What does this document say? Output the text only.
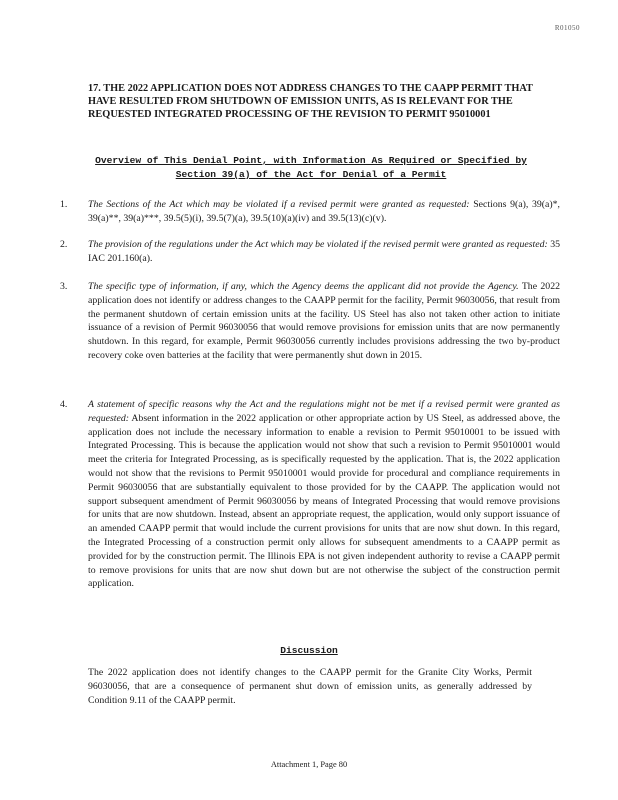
R01050
17. THE 2022 APPLICATION DOES NOT ADDRESS CHANGES TO THE CAAPP PERMIT THAT HAVE RESULTED FROM SHUTDOWN OF EMISSION UNITS, AS IS RELEVANT FOR THE REQUESTED INTEGRATED PROCESSING OF THE REVISION TO PERMIT 95010001
Overview of This Denial Point, with Information As Required or Specified by Section 39(a) of the Act for Denial of a Permit
1.	The Sections of the Act which may be violated if a revised permit were granted as requested: Sections 9(a), 39(a)*, 39(a)**, 39(a)***, 39.5(5)(i), 39.5(7)(a), 39.5(10)(a)(iv) and 39.5(13)(c)(v).
2.	The provision of the regulations under the Act which may be violated if the revised permit were granted as requested: 35 IAC 201.160(a).
3.	The specific type of information, if any, which the Agency deems the applicant did not provide the Agency. The 2022 application does not identify or address changes to the CAAPP permit for the facility, Permit 96030056, that result from the permanent shutdown of certain emission units at the facility. US Steel has also not taken other action to initiate issuance of a revision of Permit 96030056 that would remove provisions for emission units that are now permanently shutdown. In this regard, for example, Permit 96030056 currently includes provisions addressing the two by-product recovery coke oven batteries at the facility that were permanently shut down in 2015.
4.	A statement of specific reasons why the Act and the regulations might not be met if a revised permit were granted as requested: Absent information in the 2022 application or other appropriate action by US Steel, as addressed above, the application does not include the necessary information to enable a revision to Permit 95010001 to be issued with Integrated Processing. This is because the application would not show that such a revision to Permit 95010001 would meet the criteria for Integrated Processing, as is specifically requested by the application. That is, the 2022 application would not show that the revisions to Permit 95010001 would provide for procedural and compliance requirements in Permit 96030056 that are substantially equivalent to those provided for by the CAAPP. The application would not support subsequent amendment of Permit 96030056 by means of Integrated Processing that would remove provisions for units that are now shutdown. Instead, absent an appropriate request, the application, would only support issuance of an amended CAAPP permit that would include the current provisions for units that are now shut down. In this regard, the Integrated Processing of a construction permit only allows for subsequent amendments to a CAAPP permit as provided for by the construction permit. The Illinois EPA is not given independent authority to revise a CAAPP permit to remove provisions for units that are now shut down but are not otherwise the subject of the construction permit application.
Discussion
The 2022 application does not identify changes to the CAAPP permit for the Granite City Works, Permit 96030056, that are a consequence of permanent shut down of emission units, as generally addressed by Condition 9.11 of the CAAPP permit.
Attachment 1, Page 80
